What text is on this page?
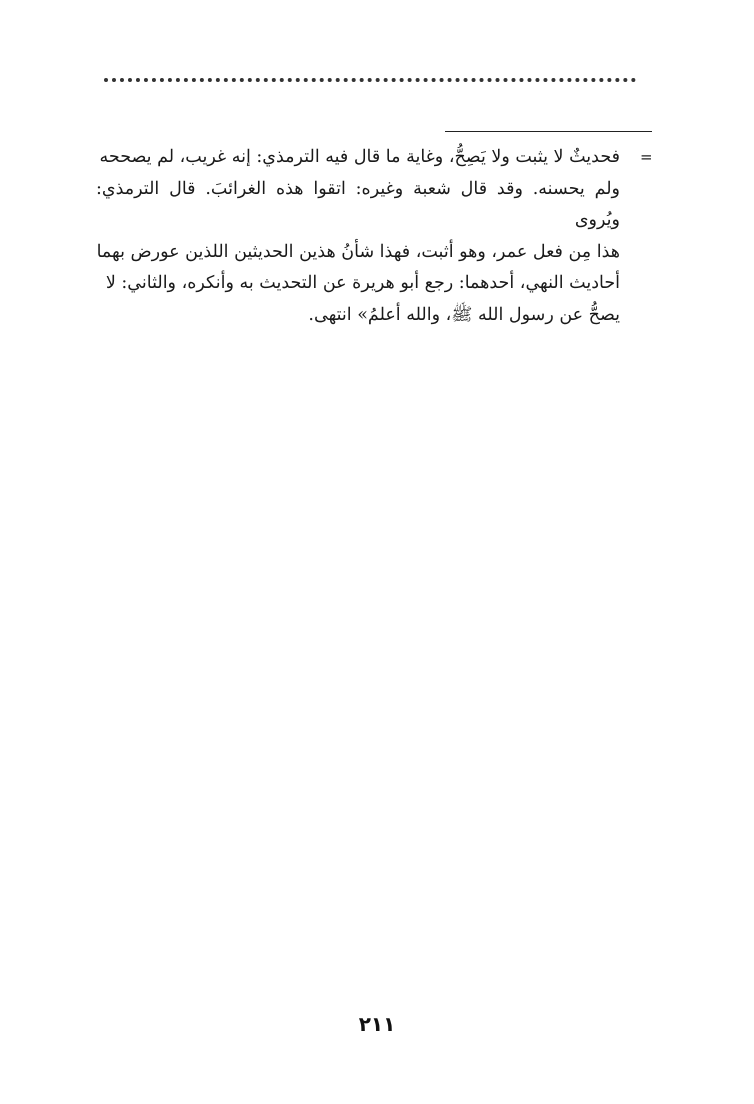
=

فحديثٌ لا يثبت ولا يَصِحُّ، وغاية ما قال فيه الترمذي: إنه غريب، لم يصححه

ولم يحسنه. وقد قال شعبة وغيره: اتقوا هذه الغرائبَ. قال الترمذي: ويُروى

هذا مِن فعل عمر، وهو أثبت، فهذا شأنُ هذين الحديثين اللذين عورض بهما

أحاديث النهي، أحدهما: رجع أبو هريرة عن التحديث به وأنكره، والثاني: لا

يصحُّ عن رسول الله ﷺ، والله أعلمُ» انتهى.

٢١١
